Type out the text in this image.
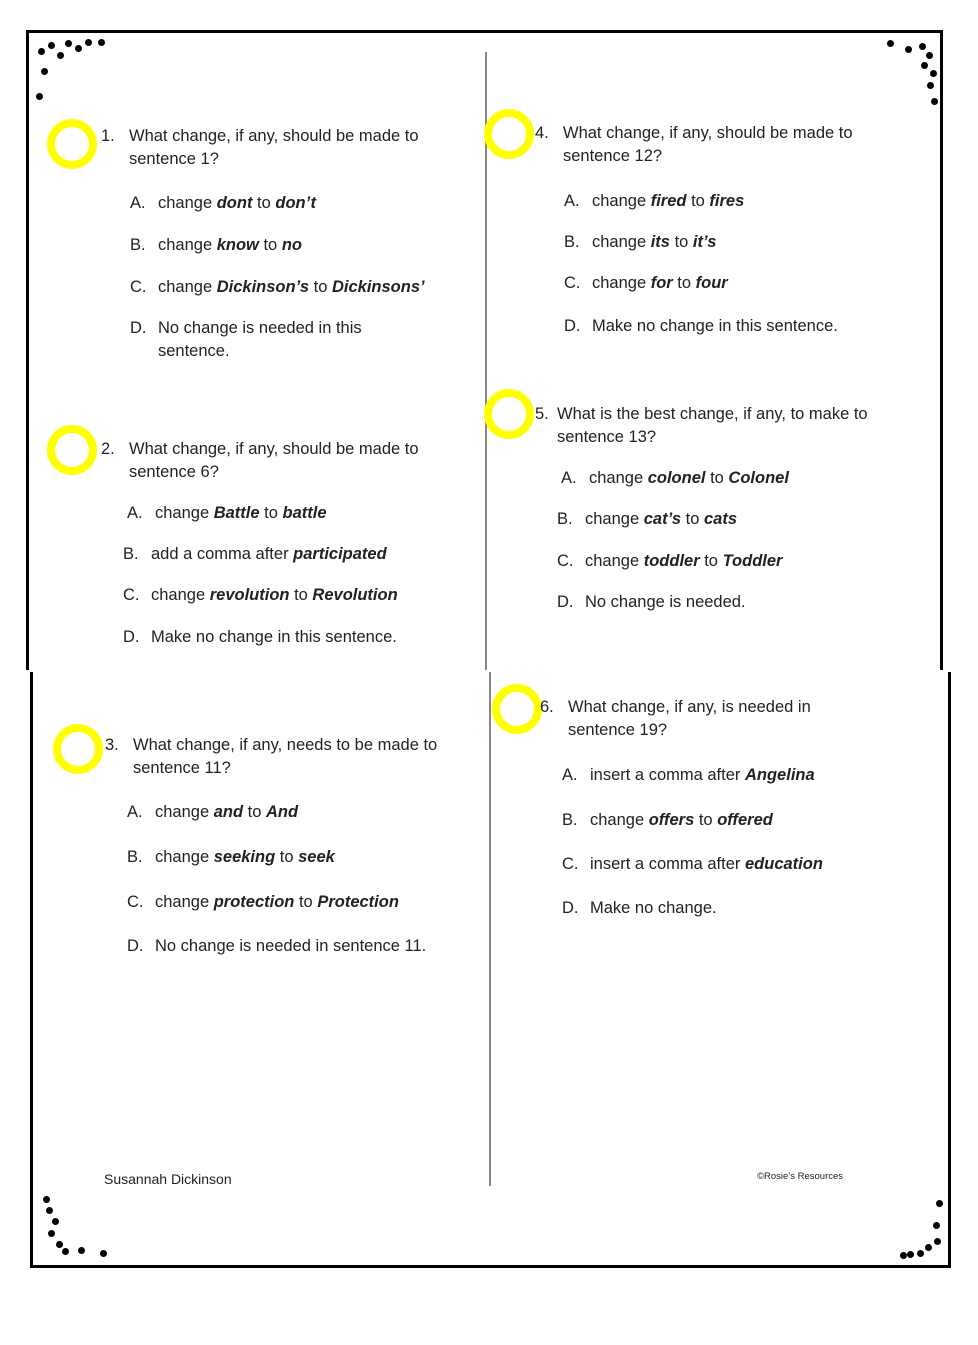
1. What change, if any, should be made to sentence 1?
A. change dont to don’t
B. change know to no
C. change Dickinson’s to Dickinsons’
D. No change is needed in this sentence.
2. What change, if any, should be made to sentence 6?
A. change Battle to battle
B. add a comma after participated
C. change revolution to Revolution
D. Make no change in this sentence.
3. What change, if any, needs to be made to sentence 11?
A. change and to And
B. change seeking to seek
C. change protection to Protection
D. No change is needed in sentence 11.
4. What change, if any, should be made to sentence 12?
A. change fired to fires
B. change its to it’s
C. change for to four
D. Make no change in this sentence.
5. What is the best change, if any, to make to sentence 13?
A. change colonel to Colonel
B. change cat’s to cats
C. change toddler to Toddler
D. No change is needed.
6. What change, if any, is needed in sentence 19?
A. insert a comma after Angelina
B. change offers to offered
C. insert a comma after education
D. Make no change.
Susannah Dickinson	©Rosie’s Resources
